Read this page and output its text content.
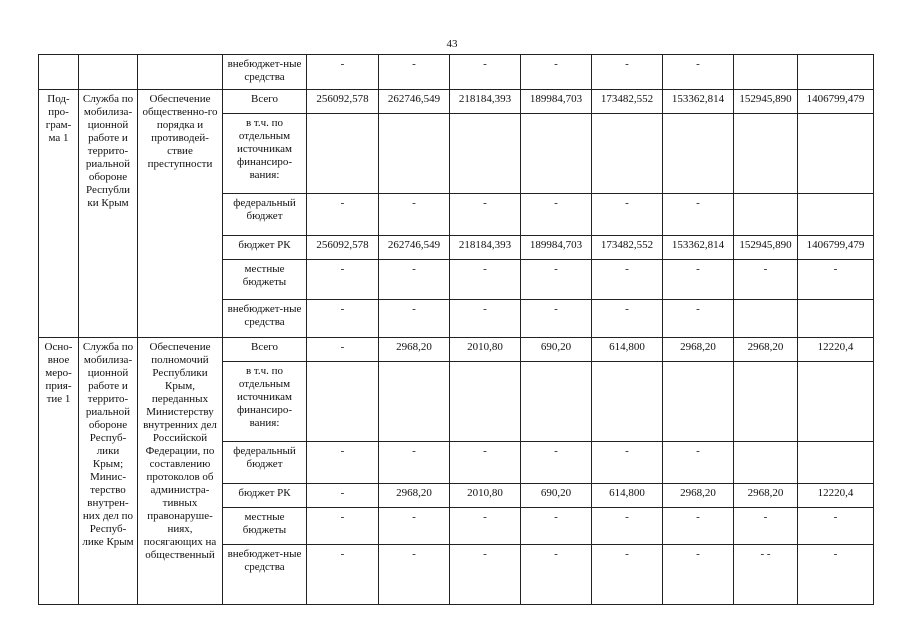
43
			внебюджет-ные средства	-	-	-	-	-	-		
Под-про-грам-ма 1	Служба по мобилиза-ционной работе и террито-риальной обороне Республи ки Крым	Обеспечение общественно-го порядка и противодей-ствие преступности	Всего	256092,578	262746,549	218184,393	189984,703	173482,552	153362,814	152945,890	1406799,479
			в т.ч. по отдельным источникам финансиро-вания:								
			федеральный бюджет	-	-	-	-	-	-		
			бюджет РК	256092,578	262746,549	218184,393	189984,703	173482,552	153362,814	152945,890	1406799,479
			местные бюджеты	-	-	-	-	-	-	-	-
			внебюджет-ные средства	-	-	-	-	-	-		
Осно-вное меро-прия-тие 1	Служба по мобилиза-ционной работе и террито-риальной обороне Респуб-лики Крым; Минис-терство внутрен-них дел по Респуб-лике Крым	Обеспечение полномочий Республики Крым, переданных Министерству внутренних дел Российской Федерации, по составлению протоколов об администра-тивных правонаруше-ниях, посягающих на общественный	Всего	-	2968,20	2010,80	690,20	614,800	2968,20	2968,20	12220,4
			в т.ч. по отдельным источникам финансиро-вания:								
			федеральный бюджет	-	-	-	-	-	-		
			бюджет РК	-	2968,20	2010,80	690,20	614,800	2968,20	2968,20	12220,4
			местные бюджеты	-	-	-	-	-	-	-	-
			внебюджет-ные средства	-	-	-	-	-	-	- -	-
